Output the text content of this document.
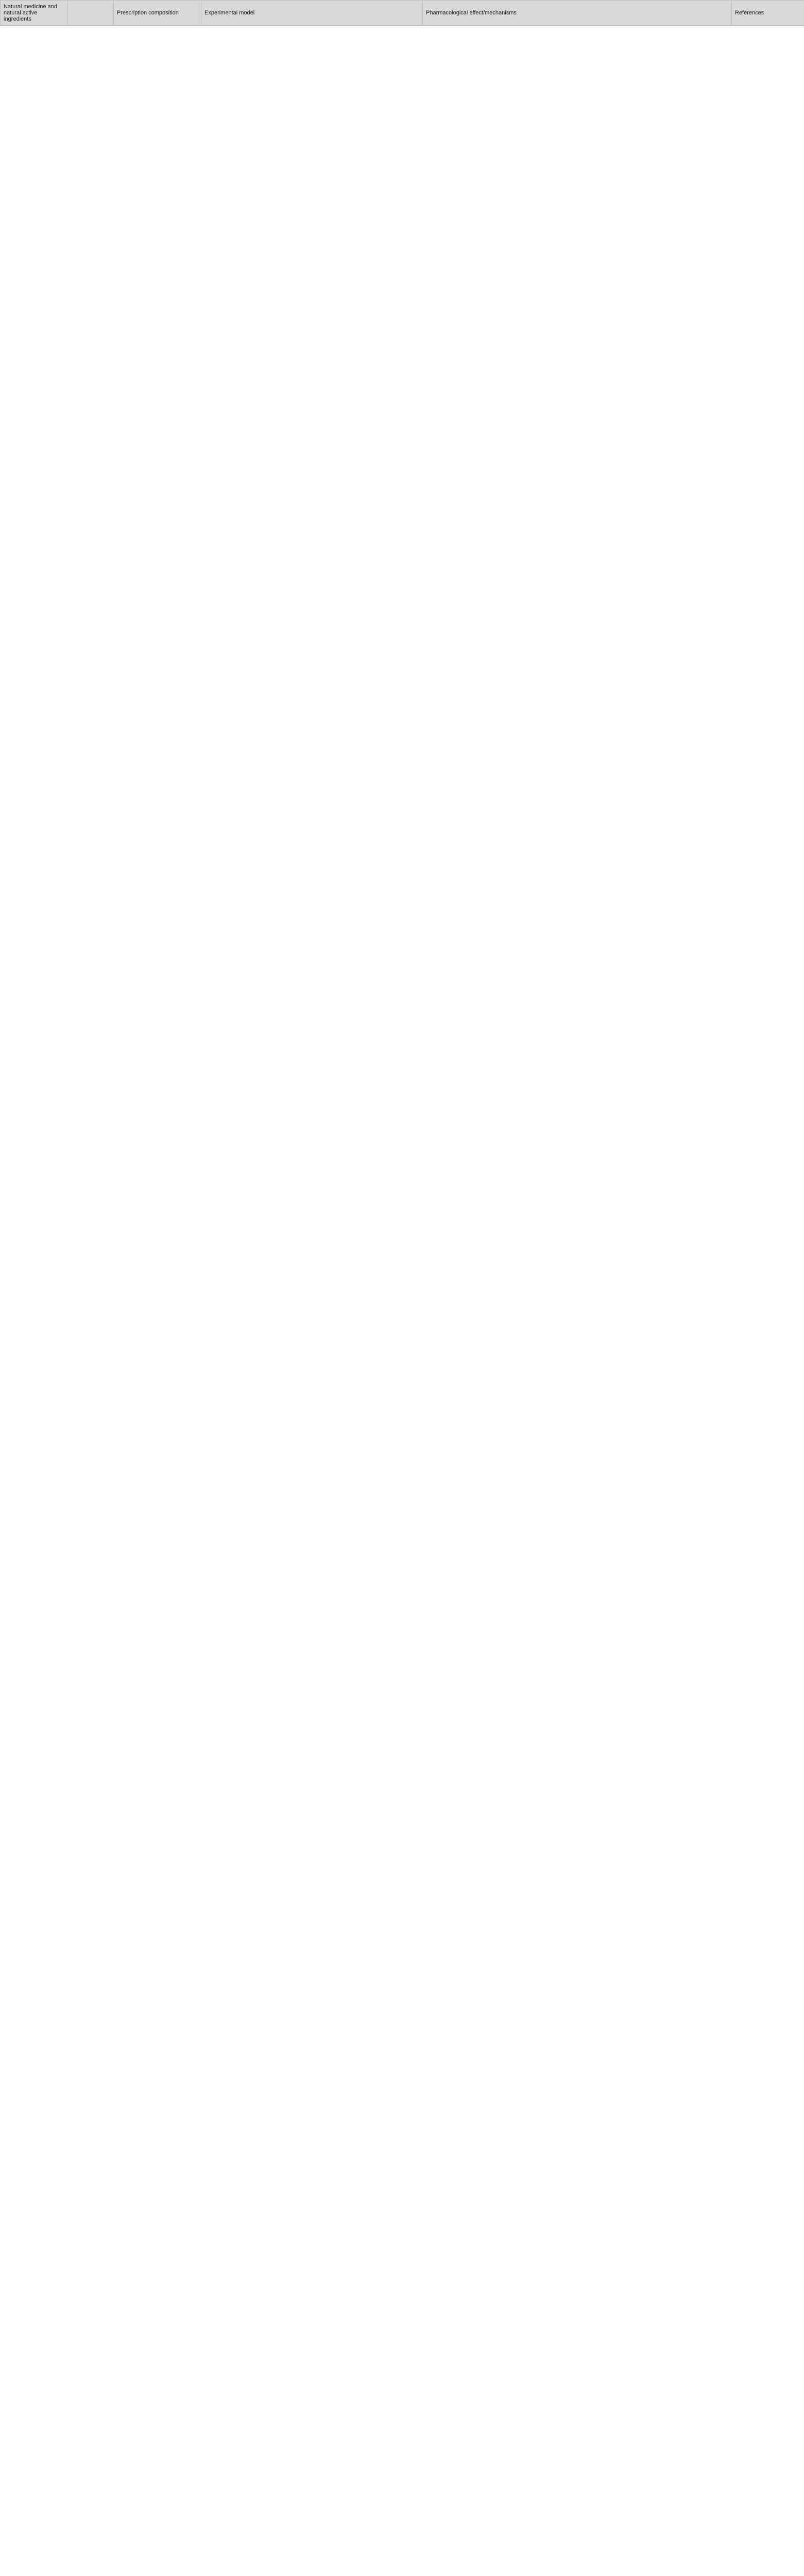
Natural medicine and natural active ingredients		Prescription composition	Experimental model	Pharmacological effect/mechanisms	References
